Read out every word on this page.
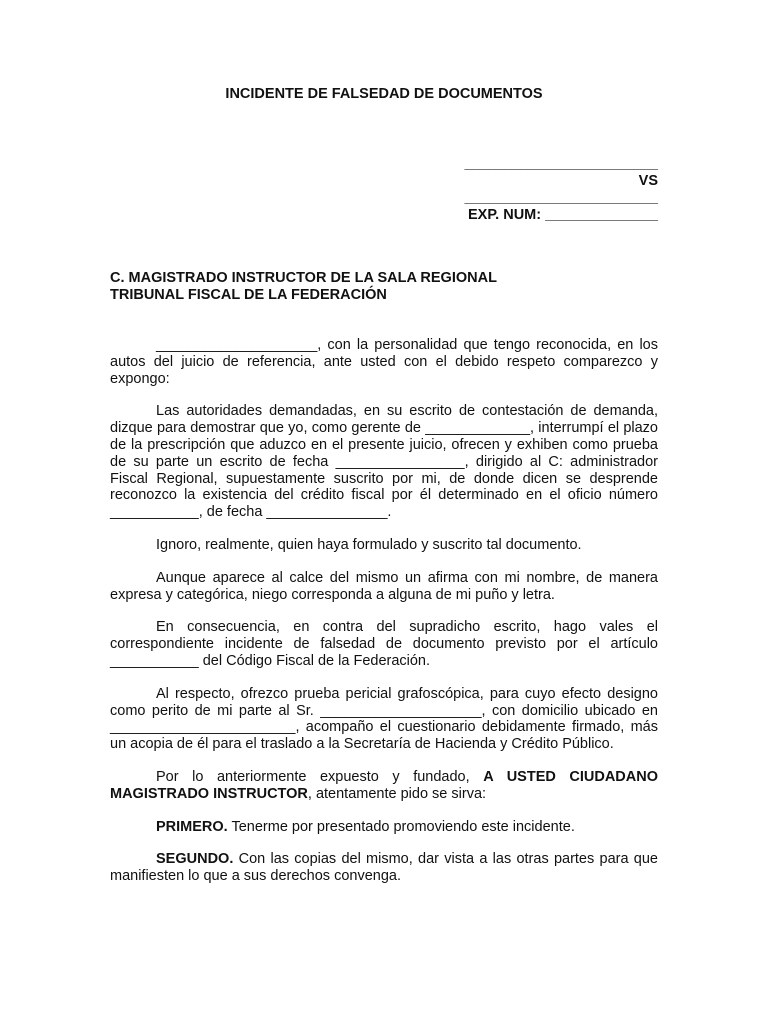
INCIDENTE DE FALSEDAD DE DOCUMENTOS
________________________
VS
________________________
EXP. NUM: ______________
C. MAGISTRADO INSTRUCTOR DE LA SALA REGIONAL
TRIBUNAL FISCAL DE LA FEDERACIÓN

____________________, con la personalidad que tengo reconocida, en los autos del juicio de referencia, ante usted con el debido respeto comparezco y expongo:

Las autoridades demandadas, en su escrito de contestación de demanda, dizque para demostrar que yo, como gerente de _____________, interrumpí el plazo de la prescripción que aduzco en el presente juicio, ofrecen y exhiben como prueba de su parte un escrito de fecha ________________, dirigido al C: administrador Fiscal Regional, supuestamente suscrito por mi, de donde dicen se desprende reconozco la existencia del crédito fiscal por él determinado en el oficio número ___________, de fecha _______________.

Ignoro, realmente, quien haya formulado y suscrito tal documento.

Aunque aparece al calce del mismo un afirma con mi nombre, de manera expresa y categórica, niego corresponda a alguna de mi puño y letra.

En consecuencia, en contra del supradicho escrito, hago vales el correspondiente incidente de falsedad de documento previsto por el artículo ___________ del Código Fiscal de la Federación.

Al respecto, ofrezco prueba pericial grafoscópica, para cuyo efecto designo como perito de mi parte al Sr. ____________________, con domicilio ubicado en _______________________, acompaño el cuestionario debidamente firmado, más un acopia de él para el traslado a la Secretaría de Hacienda y Crédito Público.

Por lo anteriormente expuesto y fundado, A USTED CIUDADANO MAGISTRADO INSTRUCTOR, atentamente pido se sirva:

PRIMERO. Tenerme por presentado promoviendo este incidente.

SEGUNDO. Con las copias del mismo, dar vista a las otras partes para que manifiesten lo que a sus derechos convenga.
